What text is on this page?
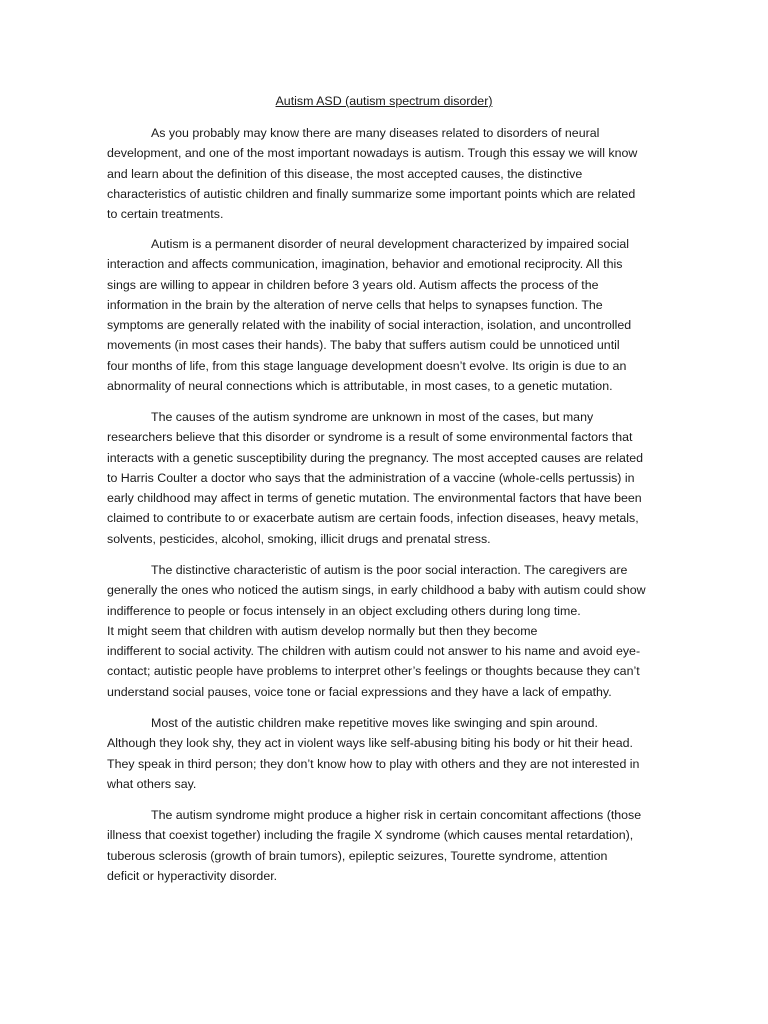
Autism ASD (autism spectrum disorder)
As you probably may know there are many diseases related to disorders of neural
development, and one of the most important nowadays is autism. Trough this essay we will know
and learn about the definition of this disease, the most accepted causes, the distinctive
characteristics of autistic children and finally summarize some important points which are related
to certain treatments.
Autism is a permanent disorder of neural development characterized by impaired social
interaction and affects communication, imagination, behavior and emotional reciprocity. All this
sings are willing to appear in children before 3 years old. Autism affects the process of the
information in the brain by the alteration of nerve cells that helps to synapses function. The
symptoms are generally related with the inability of social interaction, isolation, and uncontrolled
movements (in most cases their hands). The baby that suffers autism could be unnoticed until
four months of life, from this stage language development doesn’t evolve. Its origin is due to an
abnormality of neural connections which is attributable, in most cases, to a genetic mutation.
The causes of the autism syndrome are unknown in most of the cases, but many
researchers believe that this disorder or syndrome is a result of some environmental factors that
interacts with a genetic susceptibility during the pregnancy. The most accepted causes are related
to Harris Coulter a doctor who says that the administration of a vaccine (whole-cells pertussis) in
early childhood may affect in terms of genetic mutation. The environmental factors that have been
claimed to contribute to or exacerbate autism are certain foods, infection diseases, heavy metals,
solvents, pesticides, alcohol, smoking, illicit drugs and prenatal stress.
The distinctive characteristic of autism is the poor social interaction. The caregivers are
generally the ones who noticed the autism sings, in early childhood a baby with autism could show
indifference to people or focus intensely in an object excluding others during long time.
It might seem that children with autism develop normally but then they become
indifferent to social activity. The children with autism could not answer to his name and avoid eye-
contact; autistic people have problems to interpret other’s feelings or thoughts because they can’t
understand social pauses, voice tone or facial expressions and they have a lack of empathy.
Most of the autistic children make repetitive moves like swinging and spin around.
Although they look shy, they act in violent ways like self-abusing biting his body or hit their head.
They speak in third person; they don’t know how to play with others and they are not interested in
what others say.
The autism syndrome might produce a higher risk in certain concomitant affections (those
illness that coexist together) including the fragile X syndrome (which causes mental retardation),
tuberous sclerosis (growth of brain tumors), epileptic seizures, Tourette syndrome, attention
deficit or hyperactivity disorder.
